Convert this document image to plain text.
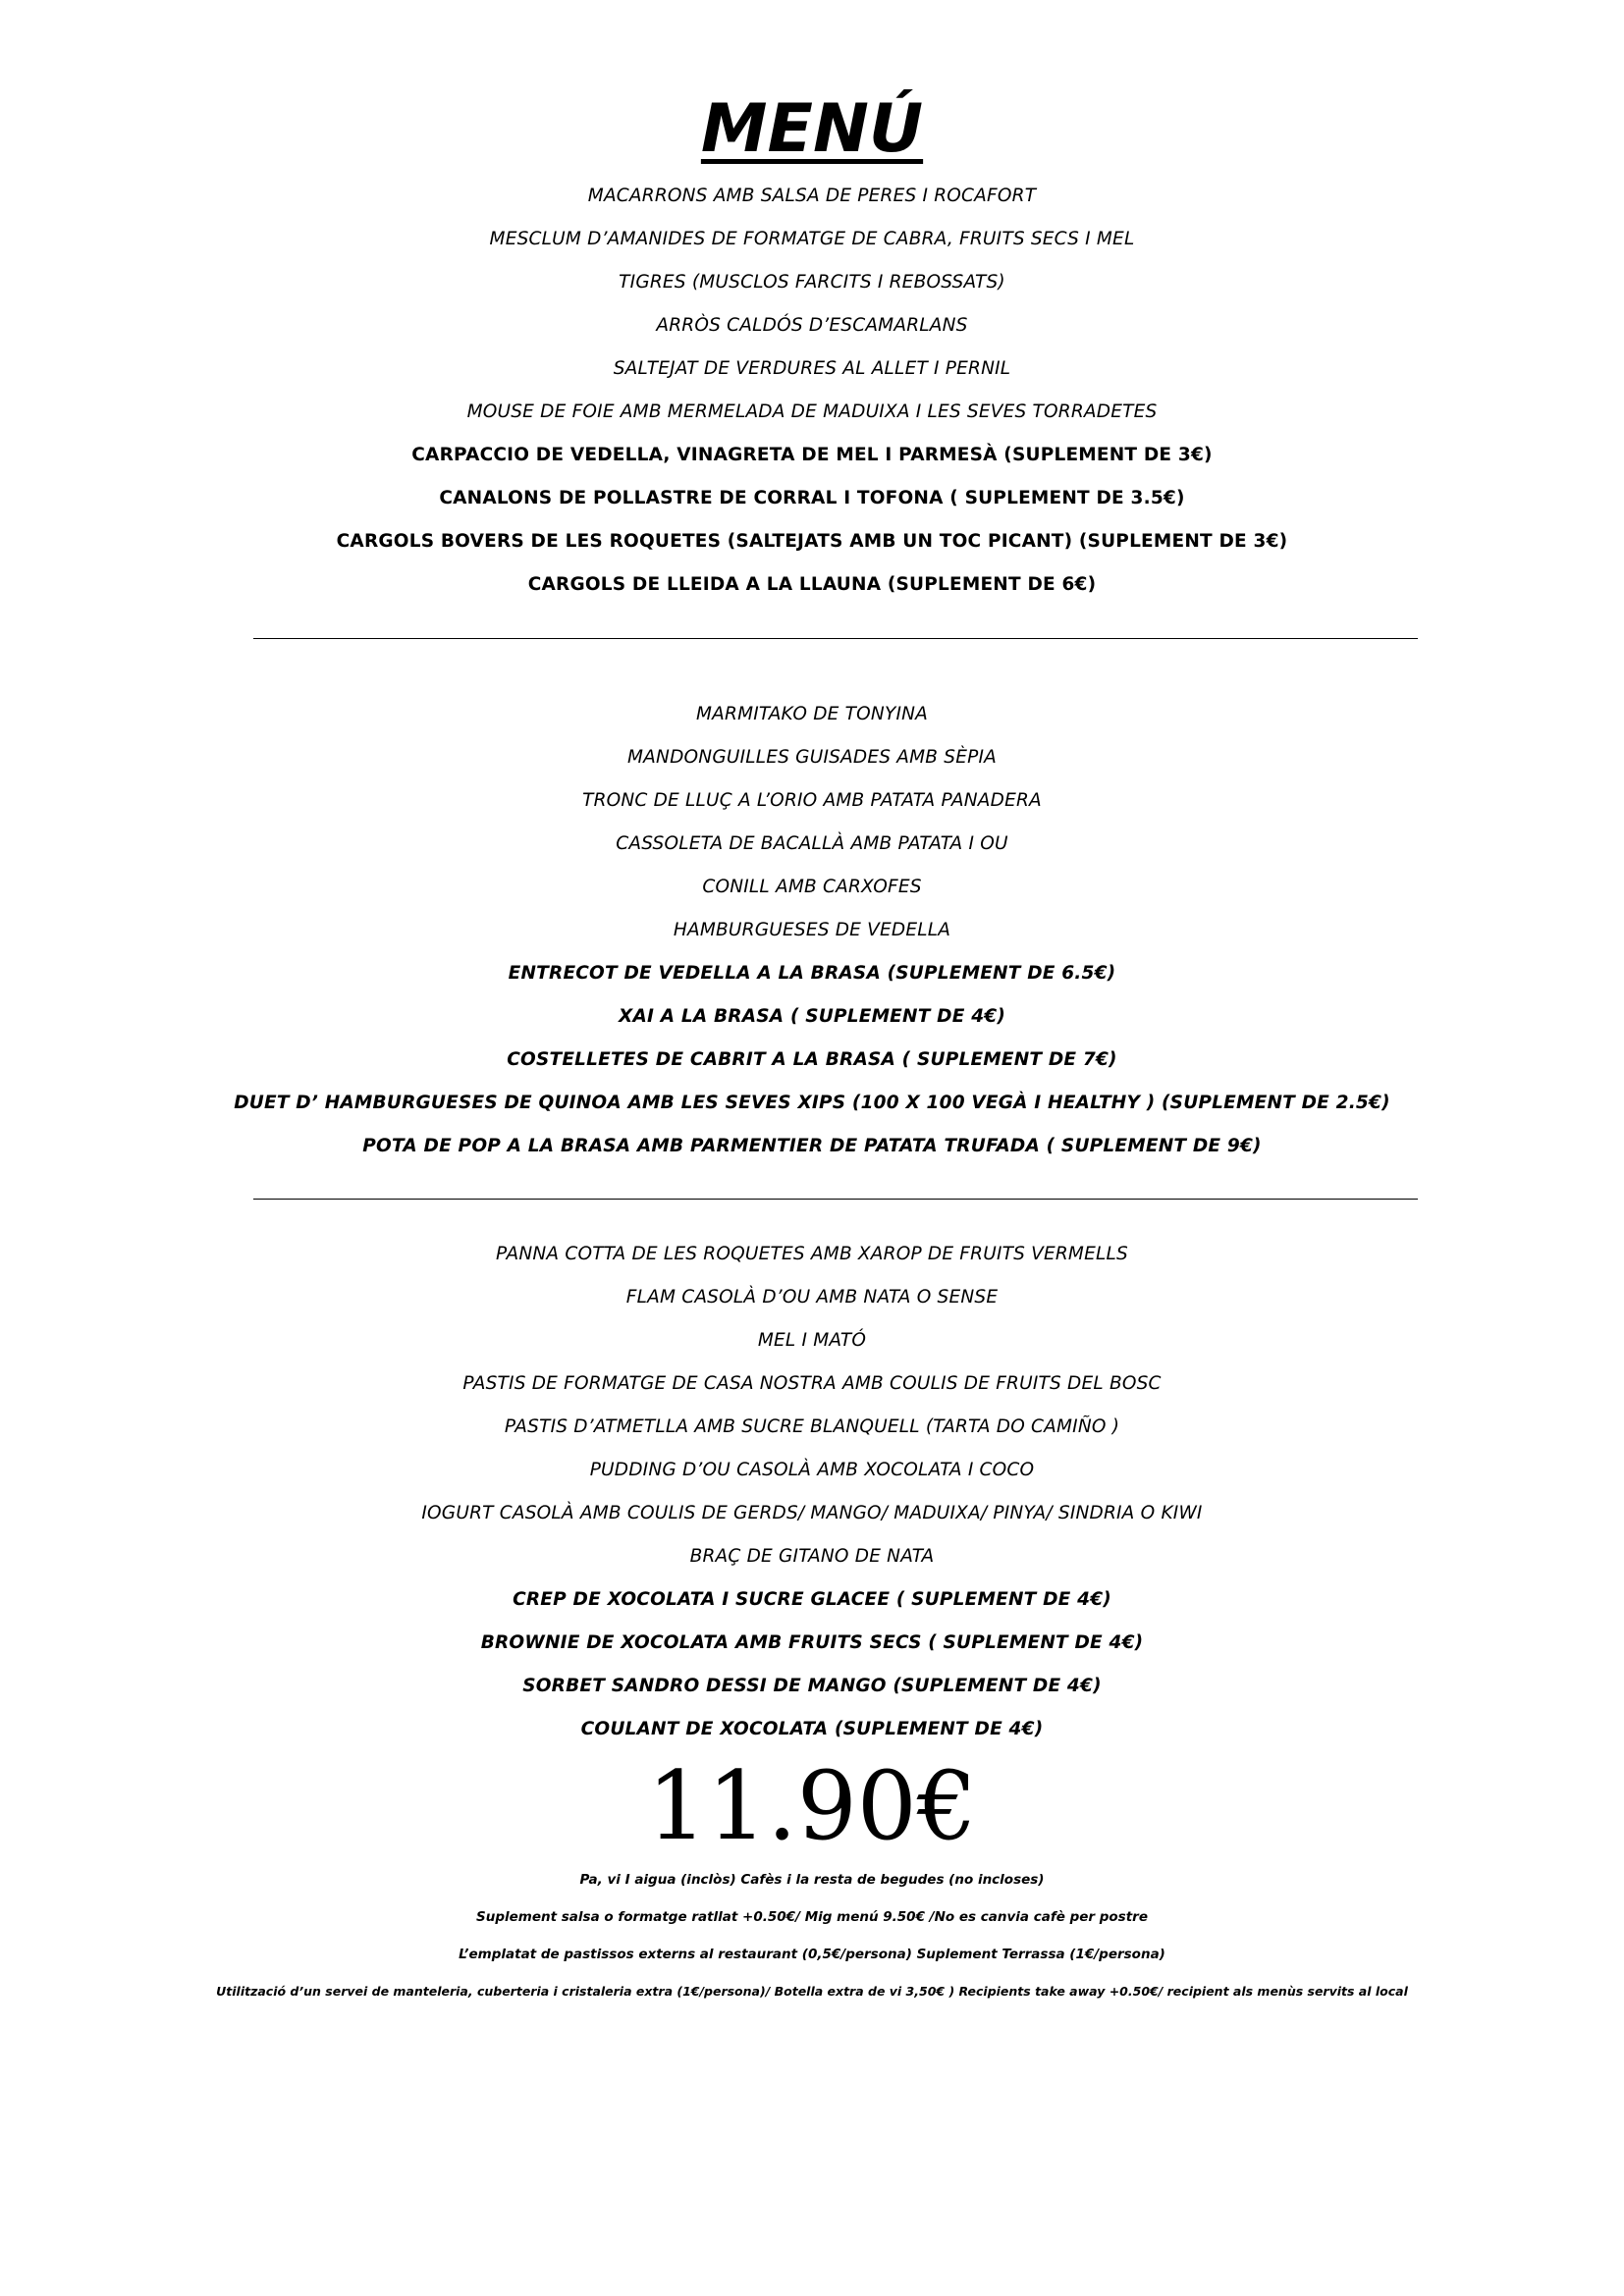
MENÚ
MACARRONS AMB SALSA DE PERES I ROCAFORT
MESCLUM D’AMANIDES DE FORMATGE DE CABRA, FRUITS SECS I MEL
TIGRES (MUSCLOS FARCITS I REBOSSATS)
ARRÒS CALDÓS D’ESCAMARLANS
SALTEJAT DE VERDURES AL ALLET I PERNIL
MOUSE DE FOIE AMB MERMELADA DE MADUIXA I LES SEVES TORRADETES
CARPACCIO DE VEDELLA, VINAGRETA DE MEL I PARMESÀ (SUPLEMENT DE 3€)
CANALONS DE POLLASTRE DE CORRAL I TOFONA ( SUPLEMENT DE 3.5€)
CARGOLS BOVERS DE LES ROQUETES (SALTEJATS AMB UN TOC PICANT) (SUPLEMENT DE 3€)
CARGOLS DE LLEIDA A LA LLAUNA (SUPLEMENT DE 6€)
MARMITAKO DE TONYINA
MANDONGUILLES GUISADES AMB SÈPIA
TRONC DE LLUÇ A L’ORIO AMB PATATA PANADERA
CASSOLETA DE BACALLÀ AMB PATATA I OU
CONILL AMB CARXOFES
HAMBURGUESES DE VEDELLA
ENTRECOT DE VEDELLA A LA BRASA (SUPLEMENT DE 6.5€)
XAI A LA BRASA ( SUPLEMENT DE 4€)
COSTELLETES DE CABRIT A LA BRASA ( SUPLEMENT DE 7€)
DUET D’ HAMBURGUESES DE QUINOA AMB LES SEVES XIPS (100 X 100 VEGÀ I HEALTHY ) (SUPLEMENT DE 2.5€)
POTA DE POP A LA BRASA AMB PARMENTIER DE PATATA TRUFADA ( SUPLEMENT DE 9€)
PANNA COTTA DE LES ROQUETES AMB XAROP DE FRUITS VERMELLS
FLAM CASOLÀ D’OU AMB NATA O SENSE
MEL I MATÓ
PASTIS DE FORMATGE DE CASA NOSTRA AMB COULIS DE FRUITS DEL BOSC
PASTIS D’ATMETLLA AMB SUCRE BLANQUELL (TARTA DO CAMIÑO )
PUDDING D’OU CASOLÀ AMB XOCOLATA I COCO
IOGURT CASOLÀ AMB COULIS DE GERDS/ MANGO/ MADUIXA/ PINYA/ SINDRIA O KIWI
BRAÇ DE GITANO DE NATA
CREP DE XOCOLATA I SUCRE GLACEE ( SUPLEMENT DE 4€)
BROWNIE DE XOCOLATA AMB FRUITS SECS ( SUPLEMENT DE 4€)
SORBET SANDRO DESSI DE MANGO (SUPLEMENT DE 4€)
COULANT DE XOCOLATA (SUPLEMENT DE 4€)
11.90€
Pa, vi I aigua (inclòs) Cafès i la resta de begudes (no incloses)
Suplement salsa o formatge ratllat +0.50€/ Mig menú 9.50€ /No es canvia cafè per postre
L’emplatat de pastissos externs al restaurant (0,5€/persona) Suplement Terrassa (1€/persona)
Utilització d’un servei de manteleria, cuberteria i cristaleria extra (1€/persona)/ Botella extra de vi 3,50€ ) Recipients take away +0.50€/ recipient als menùs servits al local
